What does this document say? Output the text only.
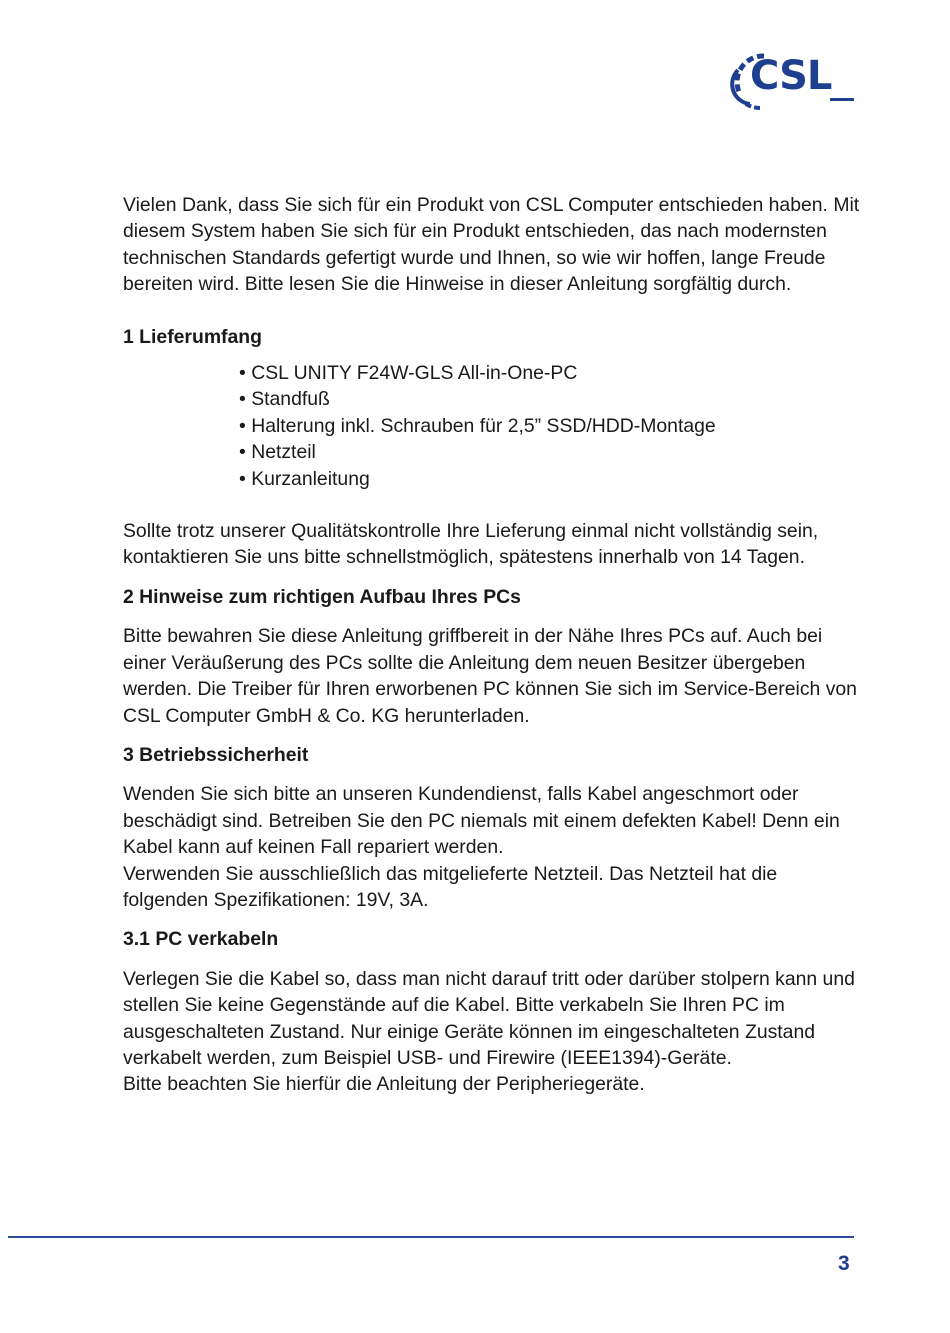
CSL

Vielen Dank, dass Sie sich für ein Produkt von CSL Computer entschieden haben. Mit diesem System haben Sie sich für ein Produkt entschieden, das nach modernsten technischen Standards gefertigt wurde und Ihnen, so wie wir hoffen, lange Freude bereiten wird. Bitte lesen Sie die Hinweise in dieser Anleitung sorgfältig durch.

1 Lieferumfang

• CSL UNITY F24W-GLS All-in-One-PC
• Standfuß
• Halterung inkl. Schrauben für 2,5” SSD/HDD-Montage
• Netzteil
• Kurzanleitung

Sollte trotz unserer Qualitätskontrolle Ihre Lieferung einmal nicht vollständig sein, kontaktieren Sie uns bitte schnellstmöglich, spätestens innerhalb von 14 Tagen.

2 Hinweise zum richtigen Aufbau Ihres PCs

Bitte bewahren Sie diese Anleitung griffbereit in der Nähe Ihres PCs auf. Auch bei einer Veräußerung des PCs sollte die Anleitung dem neuen Besitzer übergeben werden. Die Treiber für Ihren erworbenen PC können Sie sich im Service-Bereich von CSL Computer GmbH & Co. KG herunterladen.

3 Betriebssicherheit

Wenden Sie sich bitte an unseren Kundendienst, falls Kabel angeschmort oder beschädigt sind. Betreiben Sie den PC niemals mit einem defekten Kabel! Denn ein Kabel kann auf keinen Fall repariert werden.

Verwenden Sie ausschließlich das mitgelieferte Netzteil. Das Netzteil hat die folgenden Spezifikationen: 19V, 3A.

3.1 PC verkabeln

Verlegen Sie die Kabel so, dass man nicht darauf tritt oder darüber stolpern kann und stellen Sie keine Gegenstände auf die Kabel. Bitte verkabeln Sie Ihren PC im ausgeschalteten Zustand. Nur einige Geräte können im eingeschalteten Zustand verkabelt werden, zum Beispiel USB- und Firewire (IEEE1394)-Geräte.

Bitte beachten Sie hierfür die Anleitung der Peripheriegeräte.

3
